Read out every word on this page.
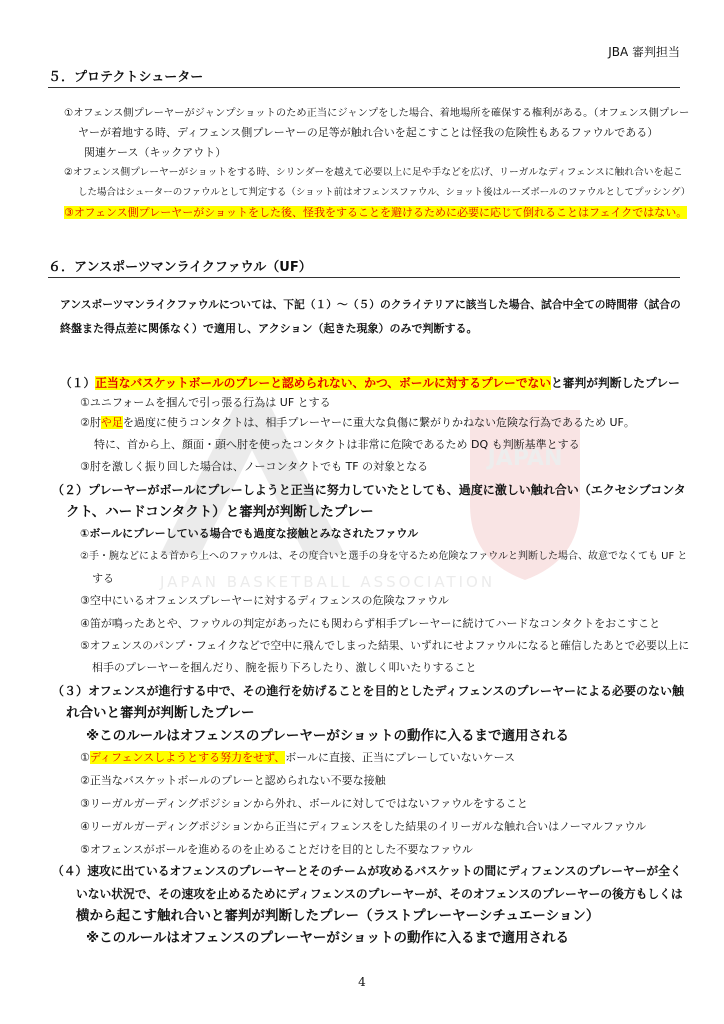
JAPAN
JAPAN BASKETBALL ASSOCIATION
JBA 審判担当
５．プロテクトシューター
①オフェンス側プレーヤーがジャンプショットのため正当にジャンプをした場合、着地場所を確保する権利がある。（オフェンス側プレー
ヤーが着地する時、ディフェンス側プレーヤーの足等が触れ合いを起こすことは怪我の危険性もあるファウルである）
関連ケース（キックアウト）
②オフェンス側プレーヤーがショットをする時、シリンダーを越えて必要以上に足や手などを広げ、リーガルなディフェンスに触れ合いを起こ
した場合はシューターのファウルとして判定する（ショット前はオフェンスファウル、ショット後はルーズボールのファウルとしてプッシング）
③オフェンス側プレーヤーがショットをした後、怪我をすることを避けるために必要に応じて倒れることはフェイクではない。
６．アンスポーツマンライクファウル（UF）
アンスポーツマンライクファウルについては、下記（１）～（５）のクライテリアに該当した場合、試合中全ての時間帯（試合の
終盤また得点差に関係なく）で適用し、アクション（起きた現象）のみで判断する。
（１）正当なバスケットボールのプレーと認められない、かつ、ボールに対するプレーでないと審判が判断したプレー
①ユニフォームを掴んで引っ張る行為は UF とする
②肘や足を過度に使うコンタクトは、相手プレーヤーに重大な負傷に繋がりかねない危険な行為であるため UF。
特に、首から上、顔面・頭へ肘を使ったコンタクトは非常に危険であるため DQ も判断基準とする
③肘を激しく振り回した場合は、ノーコンタクトでも TF の対象となる
（２）プレーヤーがボールにプレーしようと正当に努力していたとしても、過度に激しい触れ合い（エクセシブコンタ
クト、ハードコンタクト）と審判が判断したプレー
①ボールにプレーしている場合でも過度な接触とみなされたファウル
②手・腕などによる首から上へのファウルは、その度合いと選手の身を守るため危険なファウルと判断した場合、故意でなくても UF と
する
③空中にいるオフェンスプレーヤーに対するディフェンスの危険なファウル
④笛が鳴ったあとや、ファウルの判定があったにも関わらず相手プレーヤーに続けてハードなコンタクトをおこすこと
⑤オフェンスのパンプ・フェイクなどで空中に飛んでしまった結果、いずれにせよファウルになると確信したあとで必要以上に
相手のプレーヤーを掴んだり、腕を振り下ろしたり、激しく叩いたりすること
（３）オフェンスが進行する中で、その進行を妨げることを目的としたディフェンスのプレーヤーによる必要のない触
れ合いと審判が判断したプレー
※このルールはオフェンスのプレーヤーがショットの動作に入るまで適用される
①ディフェンスしようとする努力をせず、ボールに直接、正当にプレーしていないケース
②正当なバスケットボールのプレーと認められない不要な接触
③リーガルガーディングポジションから外れ、ボールに対してではないファウルをすること
④リーガルガーディングポジションから正当にディフェンスをした結果のイリーガルな触れ合いはノーマルファウル
⑤オフェンスがボールを進めるのを止めることだけを目的とした不要なファウル
（４）速攻に出ているオフェンスのプレーヤーとそのチームが攻めるバスケットの間にディフェンスのプレーヤーが全く
いない状況で、その速攻を止めるためにディフェンスのプレーヤーが、そのオフェンスのプレーヤーの後方もしくは
横から起こす触れ合いと審判が判断したプレー（ラストプレーヤーシチュエーション）
※このルールはオフェンスのプレーヤーがショットの動作に入るまで適用される
4
